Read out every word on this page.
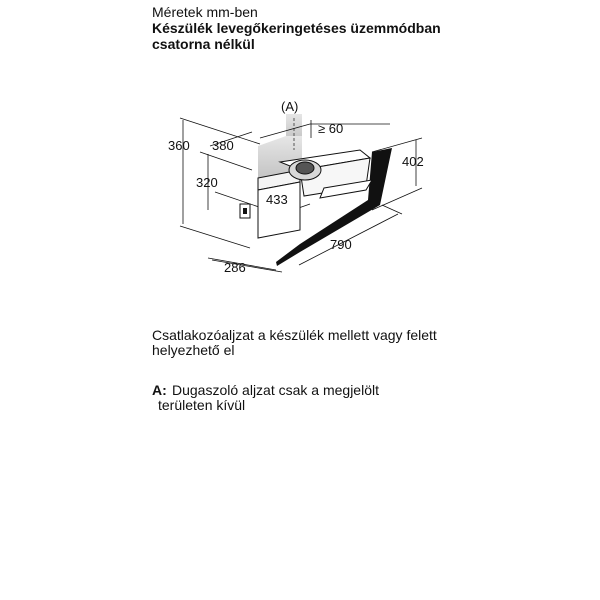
Méretek mm-ben
Készülék levegőkeringetéses üzemmódban
csatorna nélkül
(A)
≥ 60
360 380
320
433
402
790
286
Csatlakozóaljzat a készülék mellett vagy felett
helyezhető el
A: Dugaszoló aljzat csak a megjelölt
területen kívül
